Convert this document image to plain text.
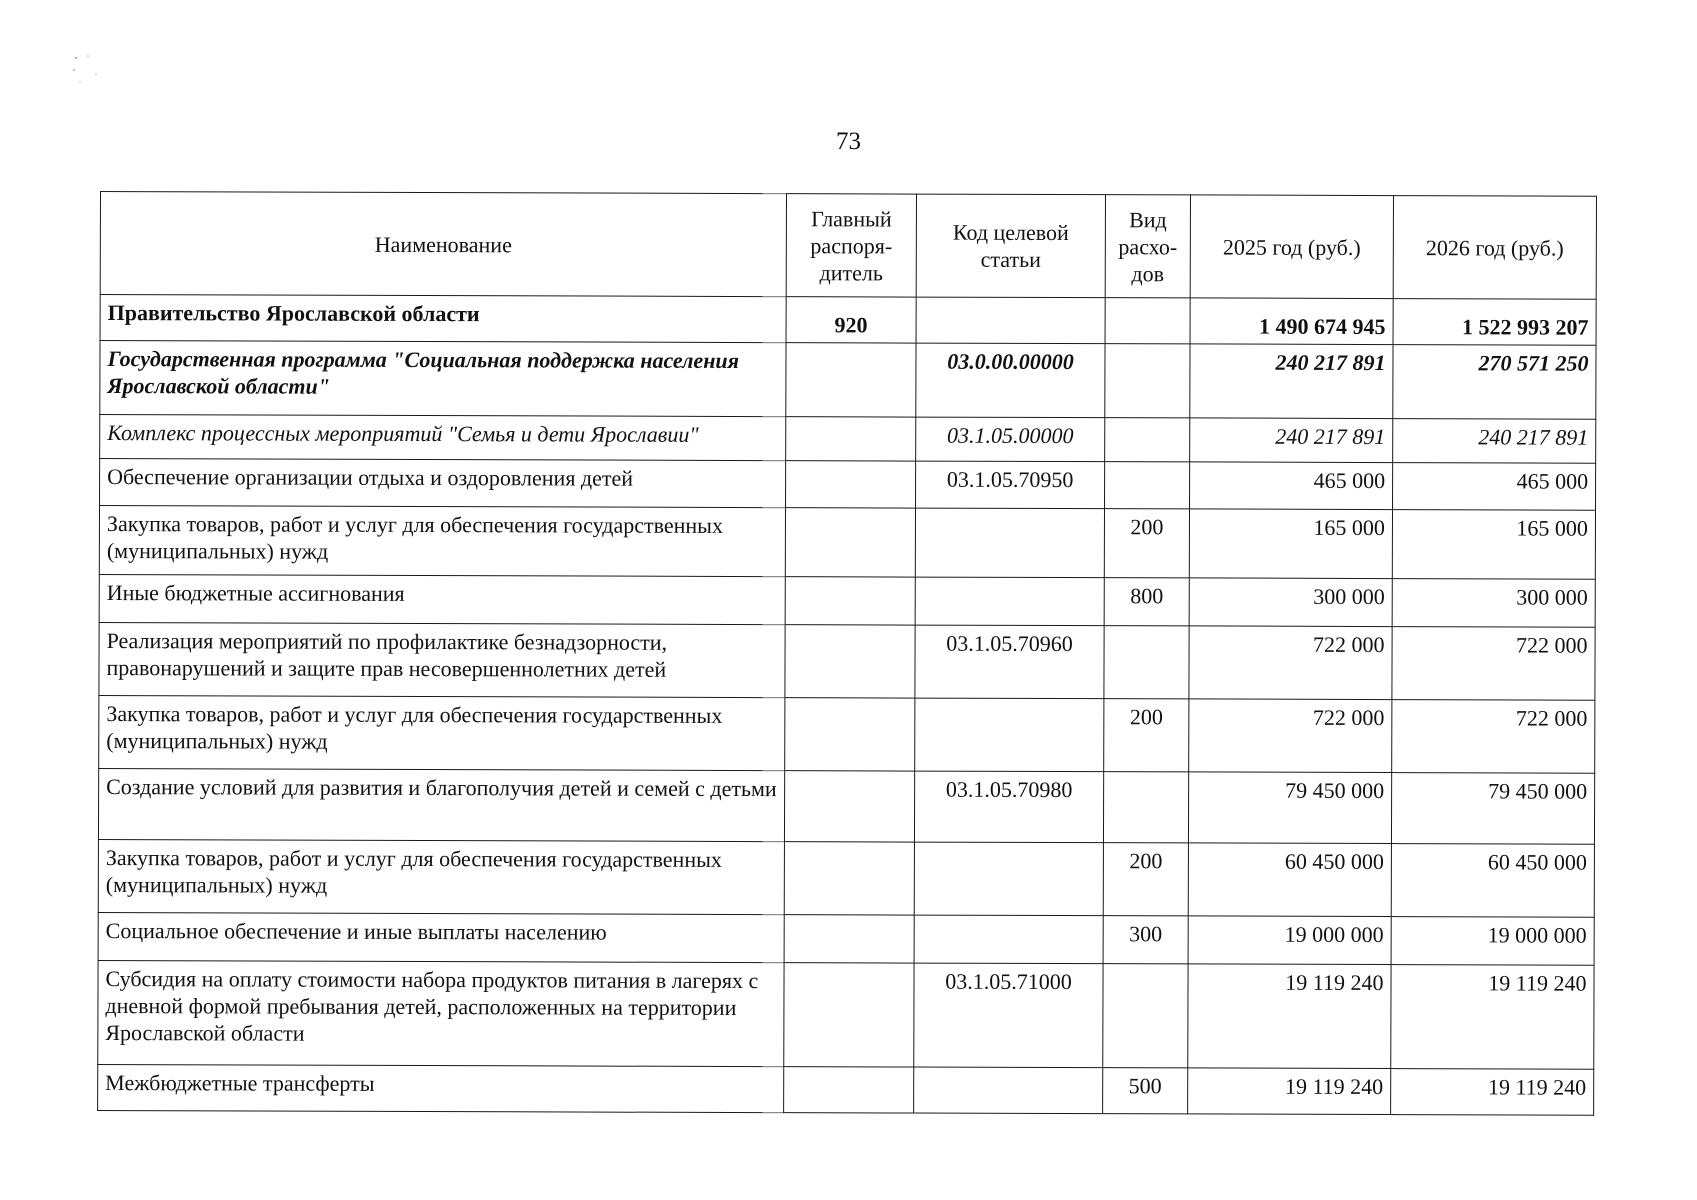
73
Наименование	Главный распоря-дитель	Код целевой статьи	Вид расхо-дов	2025 год (руб.)	2026 год (руб.)
Правительство Ярославской области	920			1 490 674 945	1 522 993 207
Государственная программа "Социальная поддержка населения Ярославской области"		03.0.00.00000		240 217 891	270 571 250
Комплекс процессных мероприятий "Семья и дети Ярославии"		03.1.05.00000		240 217 891	240 217 891
Обеспечение организации отдыха и оздоровления детей		03.1.05.70950		465 000	465 000
Закупка товаров, работ и услуг для обеспечения государственных (муниципальных) нужд			200	165 000	165 000
Иные бюджетные ассигнования			800	300 000	300 000
Реализация мероприятий по профилактике безнадзорности, правонарушений и защите прав несовершеннолетних детей		03.1.05.70960		722 000	722 000
Закупка товаров, работ и услуг для обеспечения государственных (муниципальных) нужд			200	722 000	722 000
Создание условий для развития и благополучия детей и семей с детьми		03.1.05.70980		79 450 000	79 450 000
Закупка товаров, работ и услуг для обеспечения государственных (муниципальных) нужд			200	60 450 000	60 450 000
Социальное обеспечение и иные выплаты населению			300	19 000 000	19 000 000
Субсидия на оплату стоимости набора продуктов питания в лагерях с дневной формой пребывания детей, расположенных на территории Ярославской области		03.1.05.71000		19 119 240	19 119 240
Межбюджетные трансферты			500	19 119 240	19 119 240
